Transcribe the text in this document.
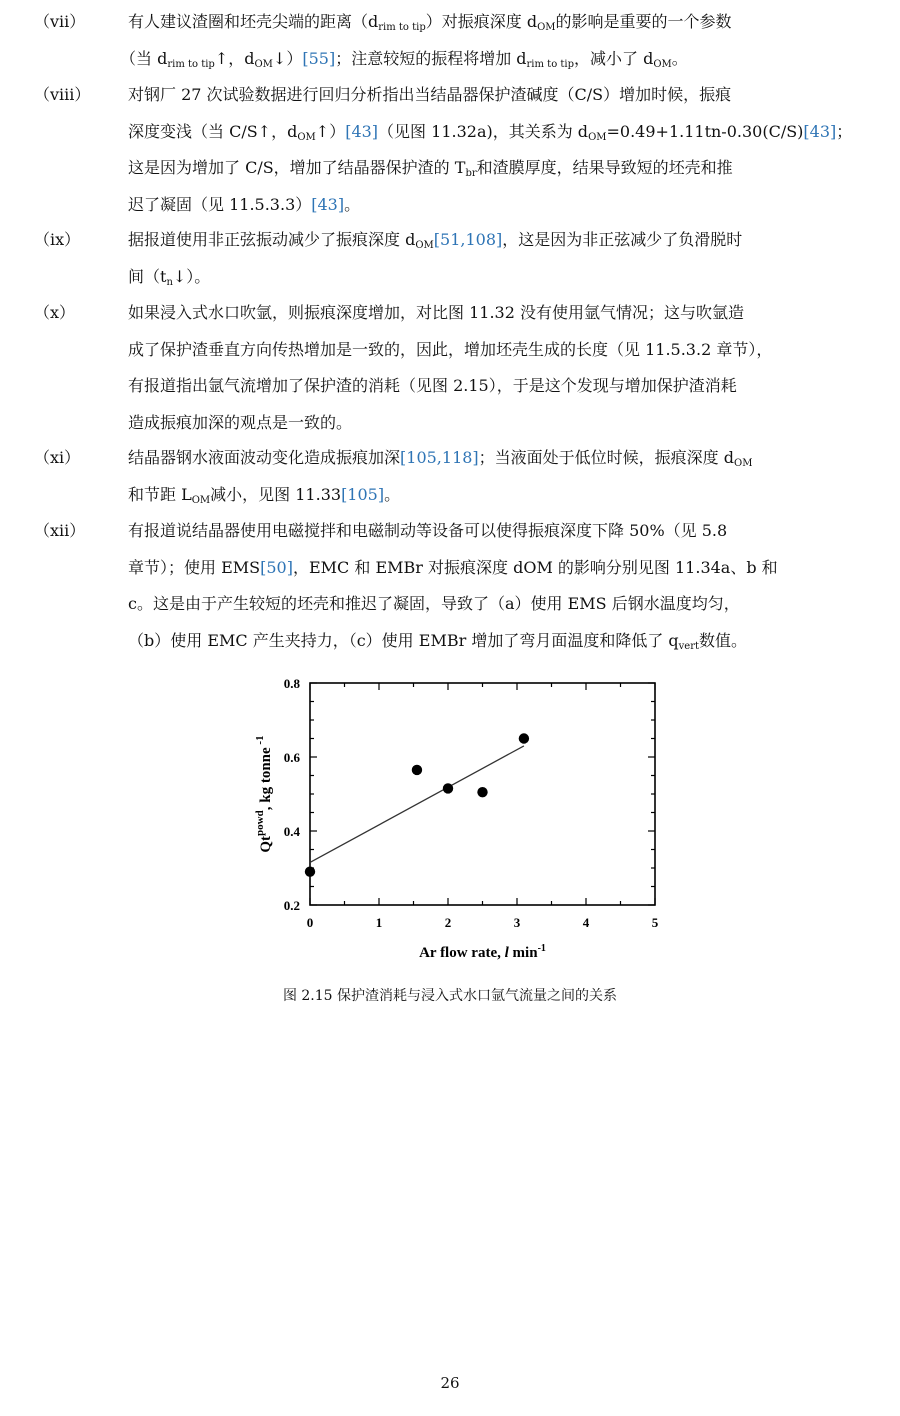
（vii）	有人建议渣圈和坯壳尖端的距离$(d_{rim to tip})$对振痕深度 $d_{OM}$的影响是重要的一个参数
（当 $d_{rim to tip}↑$，$d_{OM}↓)[55]$；注意较短的振程将增加 $d_{rim to tip}$，减小了 $d_{OM}$。
（viii） 对钢厂 27 次试验数据进行回归分析指出当结晶器保护渣碱度（C/S）增加时候，振痕
深度变浅（当 C/S↑，$d_{OM}↑)[43]$（见图 11.32a)，其关系为 $d_{OM}=0.49+1.11tn-0.30(C/S)[43]$；
这是因为增加了 C/S，增加了结晶器保护渣的 $T_{br}$和渣膜厚度，结果导致短的坯壳和推
迟了凝固（见 11.5.3.3）[43]。
（ix）	据报道使用非正弦振动减少了振痕深度 $d_{OM}[51,108]$，这是因为非正弦减少了负滑脱时
间$(t_n↓)$。
（x）	如果浸入式水口吹氩，则振痕深度增加，对比图 11.32 没有使用氩气情况；这与吹氩造
成了保护渣垂直方向传热增加是一致的，因此，增加坯壳生成的长度（见 11.5.3.2 章节），
有报道指出氩气流增加了保护渣的消耗（见图 2.15），于是这个发现与增加保护渣消耗
造成振痕加深的观点是一致的。
（xi）	结晶器钢水液面波动变化造成振痕加深[105,118]；当液面处于低位时候，振痕深度 $d_{OM}$
和节距 $L_{OM}$减小，见图 11.33[105]。
（xii）	有报道说结晶器使用电磁搅拌和电磁制动等设备可以使得振痕深度下降 50%（见 5.8
章节）；使用 EMS[50]，EMC 和 EMBr 对振痕深度 dOM 的影响分别见图 11.34a、b 和
c。这是由于产生较短的坯壳和推迟了凝固，导致了（a）使用 EMS 后钢水温度均匀，
（b）使用 EMC 产生夹持力，（c）使用 EMBr 增加了弯月面温度和降低了 $q_{vert}$数值。
0	1	2	3	4	5
0.2
0.4
0.6
0.8
Ar flow rate, l $\min^{-1}$
$Qt^{powd}$, kg tonne $^{-1}$
图 2.15 保护渣消耗与浸入式水口氩气流量之间的关系
26
